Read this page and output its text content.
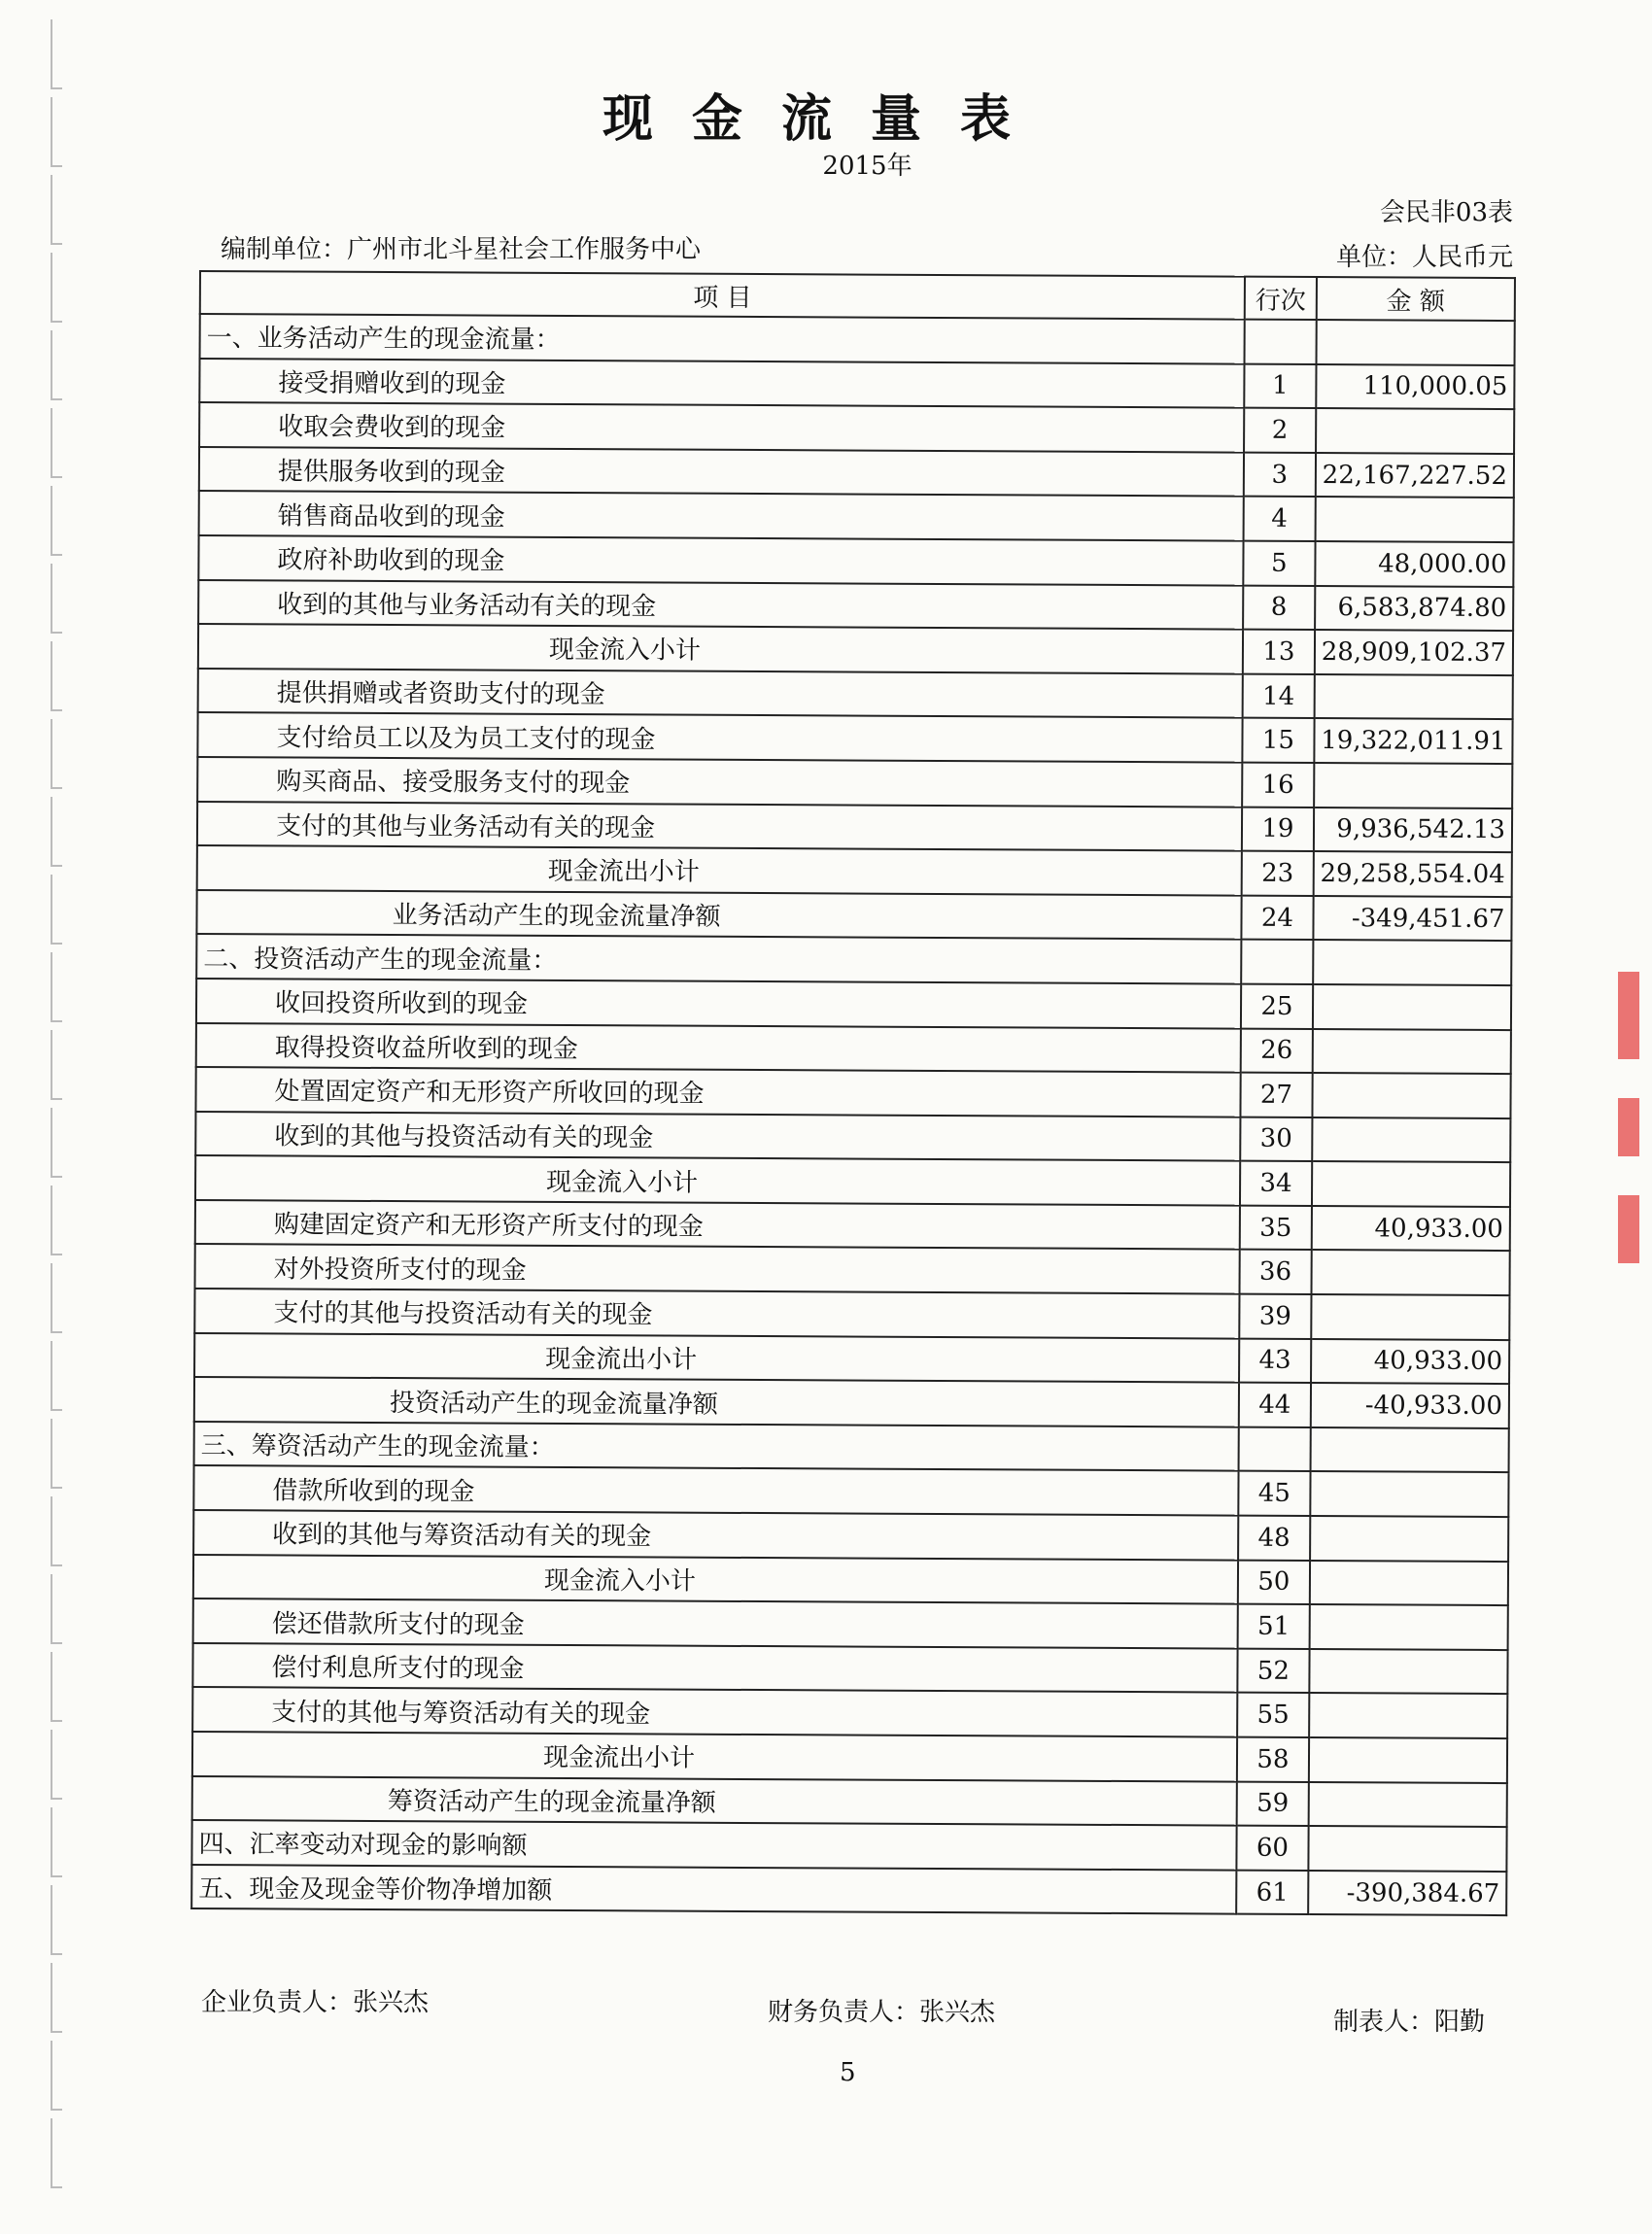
现金流量表
2015年
会民非03表
编制单位：广州市北斗星社会工作服务中心	单位：人民币元
项 目	行次	金 额
一、业务活动产生的现金流量：		
接受捐赠收到的现金	1	110,000.05
收取会费收到的现金	2	
提供服务收到的现金	3	22,167,227.52
销售商品收到的现金	4	
政府补助收到的现金	5	48,000.00
收到的其他与业务活动有关的现金	8	6,583,874.80
现金流入小计	13	28,909,102.37
提供捐赠或者资助支付的现金	14	
支付给员工以及为员工支付的现金	15	19,322,011.91
购买商品、接受服务支付的现金	16	
支付的其他与业务活动有关的现金	19	9,936,542.13
现金流出小计	23	29,258,554.04
业务活动产生的现金流量净额	24	-349,451.67
二、投资活动产生的现金流量：		
收回投资所收到的现金	25	
取得投资收益所收到的现金	26	
处置固定资产和无形资产所收回的现金	27	
收到的其他与投资活动有关的现金	30	
现金流入小计	34	
购建固定资产和无形资产所支付的现金	35	40,933.00
对外投资所支付的现金	36	
支付的其他与投资活动有关的现金	39	
现金流出小计	43	40,933.00
投资活动产生的现金流量净额	44	-40,933.00
三、筹资活动产生的现金流量：		
借款所收到的现金	45	
收到的其他与筹资活动有关的现金	48	
现金流入小计	50	
偿还借款所支付的现金	51	
偿付利息所支付的现金	52	
支付的其他与筹资活动有关的现金	55	
现金流出小计	58	
筹资活动产生的现金流量净额	59	
四、汇率变动对现金的影响额	60	
五、现金及现金等价物净增加额	61	-390,384.67
企业负责人：张兴杰	财务负责人：张兴杰	制表人：阳勤
5
